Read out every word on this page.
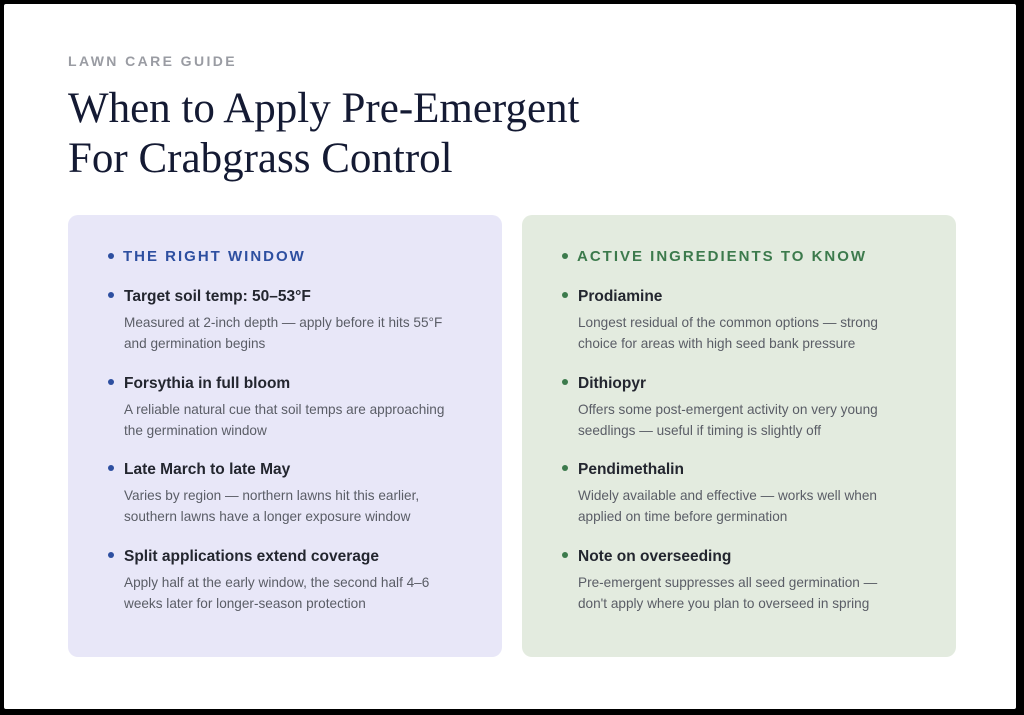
LAWN CARE GUIDE
When to Apply Pre-Emergent
For Crabgrass Control
THE RIGHT WINDOW

Target soil temp: 50–53°F

Measured at 2-inch depth — apply before it hits 55°F
and germination begins

Forsythia in full bloom

A reliable natural cue that soil temps are approaching
the germination window

Late March to late May

Varies by region — northern lawns hit this earlier,
southern lawns have a longer exposure window

Split applications extend coverage

Apply half at the early window, the second half 4–6
weeks later for longer-season protection

ACTIVE INGREDIENTS TO KNOW

Prodiamine

Longest residual of the common options — strong
choice for areas with high seed bank pressure

Dithiopyr

Offers some post-emergent activity on very young
seedlings — useful if timing is slightly off

Pendimethalin

Widely available and effective — works well when
applied on time before germination

Note on overseeding

Pre-emergent suppresses all seed germination —
don't apply where you plan to overseed in spring
